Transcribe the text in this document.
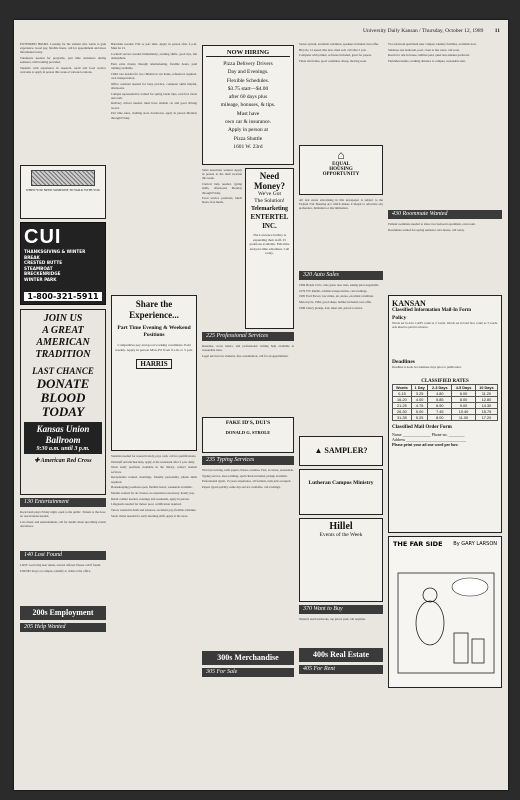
University Daily Kansan / Thursday, October 12, 1989 11

EXTENDED HOURS. Looking for the student who wants to gain experience. Good pay, flexible hours, call for appointment and more information today.

Volunteers needed for programs, part time assistance during semester, with training provided.

Students with experience in research, retail and food service welcome to apply in person this week at various locations.

WHEN YOU NEED SOMEONE TO WALK WITH YOU
CUI
THANKSGIVING & WINTER BREAK
CRESTED BUTTE
STEAMBOAT
BRECKENRIDGE
WINTER PARK
1-800-321-5911
JOIN US
A GREAT
AMERICAN
TRADITION
LAST CHANCE
DONATE
BLOOD
TODAY
Kansas Union
Ballroom
9:30 a.m. until 3 p.m.
✚ American Red Cross
130 Entertainment

Rock band plays Friday night, open to the public. Tickets at the door, no reservations needed.

Live music and entertainment, call for details about upcoming events and shows.

140 Lost Found

LOST: Gold ring near union, reward offered. Please call if found.

FOUND: Keys on campus, identify to claim at the office.

200s Employment
205 Help Wanted

Bartender needed. Full or part time. Apply in person after 4 p.m. Must be 21.

Cocktail servers needed immediately, evening shifts, good tips, fun atmosphere.

Earn extra money through telemarketing, flexible hours, paid training available.

Child care needed for two children in our home, references required, own transportation.

Office assistant needed for busy practice, computer skills helpful, afternoons.

Campus representative wanted for spring break trips, earn free travel and cash.

Delivery drivers needed, must have reliable car and good driving record.

Part time sales, clothing store downtown, apply in person Monday through Friday.

Share the Experience...
Part Time Evening & Weekend Positions
Competitive pay and good working conditions. Paid weekly. Apply in person Mon–Fri from 9 a.m. to 5 p.m.
HARRIS

Students needed for research study, pays cash, call for qualifications.

Waitstaff and kitchen help, apply at the restaurant after 2 p.m. daily.

Work study positions available in the library, contact student services.

Receptionist wanted, mornings, friendly personality, phone skills required.

Housekeeping positions open, flexible hours, weekends available.

Models wanted for art classes, no experience necessary, hourly pay.

Retail cashier needed, evenings and weekends, apply in person.

Lifeguards needed for indoor pool, certification required.

Tutors wanted in math and sciences, excellent pay, flexible schedule.

Stock clerks needed for early morning shift, apply at the store.

NOW HIRING
Pizza Delivery Drivers
Day and Evenings.
Flexible Schedules.
$3.75 start—$4.00
after 60 days plus
mileage, bonuses, & tips.
Must have
own car & insurance.
Apply in person at
Pizza Shuttle
1601 W. 23rd

Sales associates wanted. Apply in person at the mall location this week.

Clerical help needed, typing skills, afternoons Monday through Friday.

Food service positions, lunch hours, free meals.

Need Money?
We've Got
The Solution!
Telemarketing
ENTERTEL INC.
The Lawrence facility is expanding their staff. 25 positions available. Full-time and part-time schedules. Call today.
225 Professional Services

Resumes, cover letters, and professional writing help available at reasonable rates.

Legal services for students, free consultation, call for an appointment.

FAKE ID'S, DUI'S
DONALD G. STROLE
235 Typing Services

Word processing, term papers, theses, resumes. Fast, accurate, reasonable.

Typing service, laser printing, spell check included, pickup available.

Professional typist, 15 years experience, all formats, rush jobs accepted.

Papers typed quickly, same day service available, call evenings.

300s Merchandise
305 For Sale

Stereo system, excellent condition, speakers included, best offer.

Bicycle, 12 speed, like new, must sell, call after 5 p.m.

Computer with printer, software included, great for papers.

Futon and frame, good condition, cheap, moving soon.

⌂
EQUAL
HOUSING
OPPORTUNITY

All real estate advertising in this newspaper is subject to the Federal Fair Housing Act which makes it illegal to advertise any preference, limitation or discrimination.

320 Auto Sales

1984 Honda Civic, runs great, new tires, asking price negotiable.

1979 VW Rabbit, reliable transportation, call evenings.

1985 Ford Escort, low miles, air, stereo, excellent condition.

Motorcycle, 1982, good shape, helmet included, best offer.

1986 Chevy pickup, 4x4, must sell, priced to move.

▲ SAMPLER?
Lutheran Campus Ministry
Hillel
Events of the Week
370 Want to Buy

Wanted: used textbooks, top prices paid, call anytime.

400s Real Estate
405 For Rent

Two bedroom apartment near campus, laundry facilities, available now.

Sublease one bedroom, pool, close to bus route, call soon.

Room for rent in house, utilities paid, quiet non-smoker preferred.

Furnished studio, walking distance to campus, reasonable rent.

430 Roommate Wanted

Female roommate needed to share two bedroom apartment, own room.

Roommate wanted for spring semester, nice house, call today.

KANSAN
Classified Information Mail-In Form
Policy

Words set in ALL CAPS count as 2 words. Words set in bold face count as 3 words. Ads must be paid in advance.

Deadlines

Deadline is noon two business days prior to publication.

CLASSIFIED RATES
Words	1 Day	2-3 Days	4-5 Days	10 Days
0-15	3.25	4.80	6.00	11.20
16-20	4.00	5.85	8.00	12.80
21-25	4.75	6.90	9.00	14.30
26-30	5.00	7.45	10.40	15.75
31-35	5.25	8.00	11.00	17.20
Classified Mail Order Form
Name ______________ Phone no. ________
Address ______________________________
Please print your ad one word per box:
THE FAR SIDE By GARY LARSON
